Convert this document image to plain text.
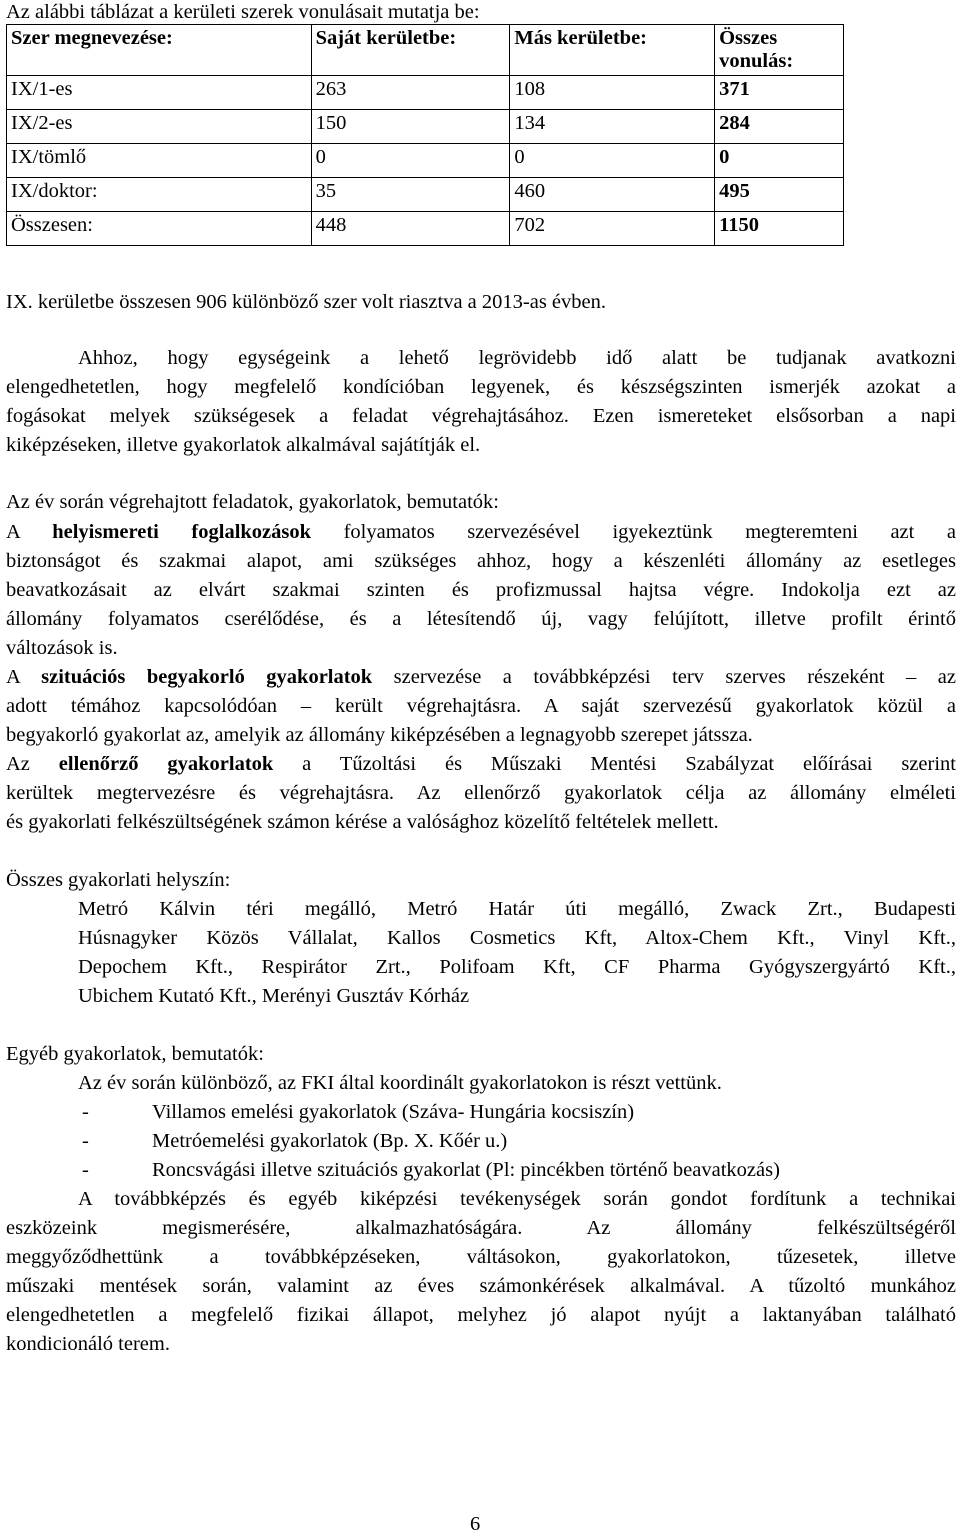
Az alábbi táblázat a kerületi szerek vonulásait mutatja be:
Szer megnevezése:	Saját kerületbe:	Más kerületbe:	Összes vonulás:
IX/1-es	263	108	371
IX/2-es	150	134	284
IX/tömlő	0	0	0
IX/doktor:	35	460	495
Összesen:	448	702	1150
IX. kerületbe összesen 906 különböző szer volt riasztva a 2013-as évben.
Ahhoz, hogy egységeink a lehető legrövidebb idő alatt be tudjanak avatkozni
elengedhetetlen, hogy megfelelő kondícióban legyenek, és készségszinten ismerjék azokat a
fogásokat melyek szükségesek a feladat végrehajtásához. Ezen ismereteket elsősorban a napi
kiképzéseken, illetve gyakorlatok alkalmával sajátítják el.
Az év során végrehajtott feladatok, gyakorlatok, bemutatók:
A helyismereti foglalkozások folyamatos szervezésével igyekeztünk megteremteni azt a
biztonságot és szakmai alapot, ami szükséges ahhoz, hogy a készenléti állomány az esetleges
beavatkozásait az elvárt szakmai szinten és profizmussal hajtsa végre. Indokolja ezt az
állomány folyamatos cserélődése, és a létesítendő új, vagy felújított, illetve profilt érintő
változások is.
A szituációs begyakorló gyakorlatok szervezése a továbbképzési terv szerves részeként – az
adott témához kapcsolódóan – került végrehajtásra. A saját szervezésű gyakorlatok közül a
begyakorló gyakorlat az, amelyik az állomány kiképzésében a legnagyobb szerepet játssza.
Az ellenőrző gyakorlatok a Tűzoltási és Műszaki Mentési Szabályzat előírásai szerint
kerültek megtervezésre és végrehajtásra. Az ellenőrző gyakorlatok célja az állomány elméleti
és gyakorlati felkészültségének számon kérése a valósághoz közelítő feltételek mellett.
Összes gyakorlati helyszín:
Metró Kálvin téri megálló, Metró Határ úti megálló, Zwack Zrt., Budapesti
Húsnagyker Közös Vállalat, Kallos Cosmetics Kft, Altox-Chem Kft., Vinyl Kft.,
Depochem Kft., Respirátor Zrt., Polifoam Kft, CF Pharma Gyógyszergyártó Kft.,
Ubichem Kutató Kft., Merényi Gusztáv Kórház
Egyéb gyakorlatok, bemutatók:
Az év során különböző, az FKI által koordinált gyakorlatokon is részt vettünk.
-	Villamos emelési gyakorlatok (Száva- Hungária kocsiszín)
-	Metróemelési gyakorlatok (Bp. X. Kőér u.)
-	Roncsvágási illetve szituációs gyakorlat (Pl: pincékben történő beavatkozás)
A továbbképzés és egyéb kiképzési tevékenységek során gondot fordítunk a technikai
eszközeink megismerésére, alkalmazhatóságára. Az állomány felkészültségéről
meggyőződhettünk a továbbképzéseken, váltásokon, gyakorlatokon, tűzesetek, illetve
műszaki mentések során, valamint az éves számonkérések alkalmával. A tűzoltó munkához
elengedhetetlen a megfelelő fizikai állapot, melyhez jó alapot nyújt a laktanyában található
kondicionáló terem.
6
